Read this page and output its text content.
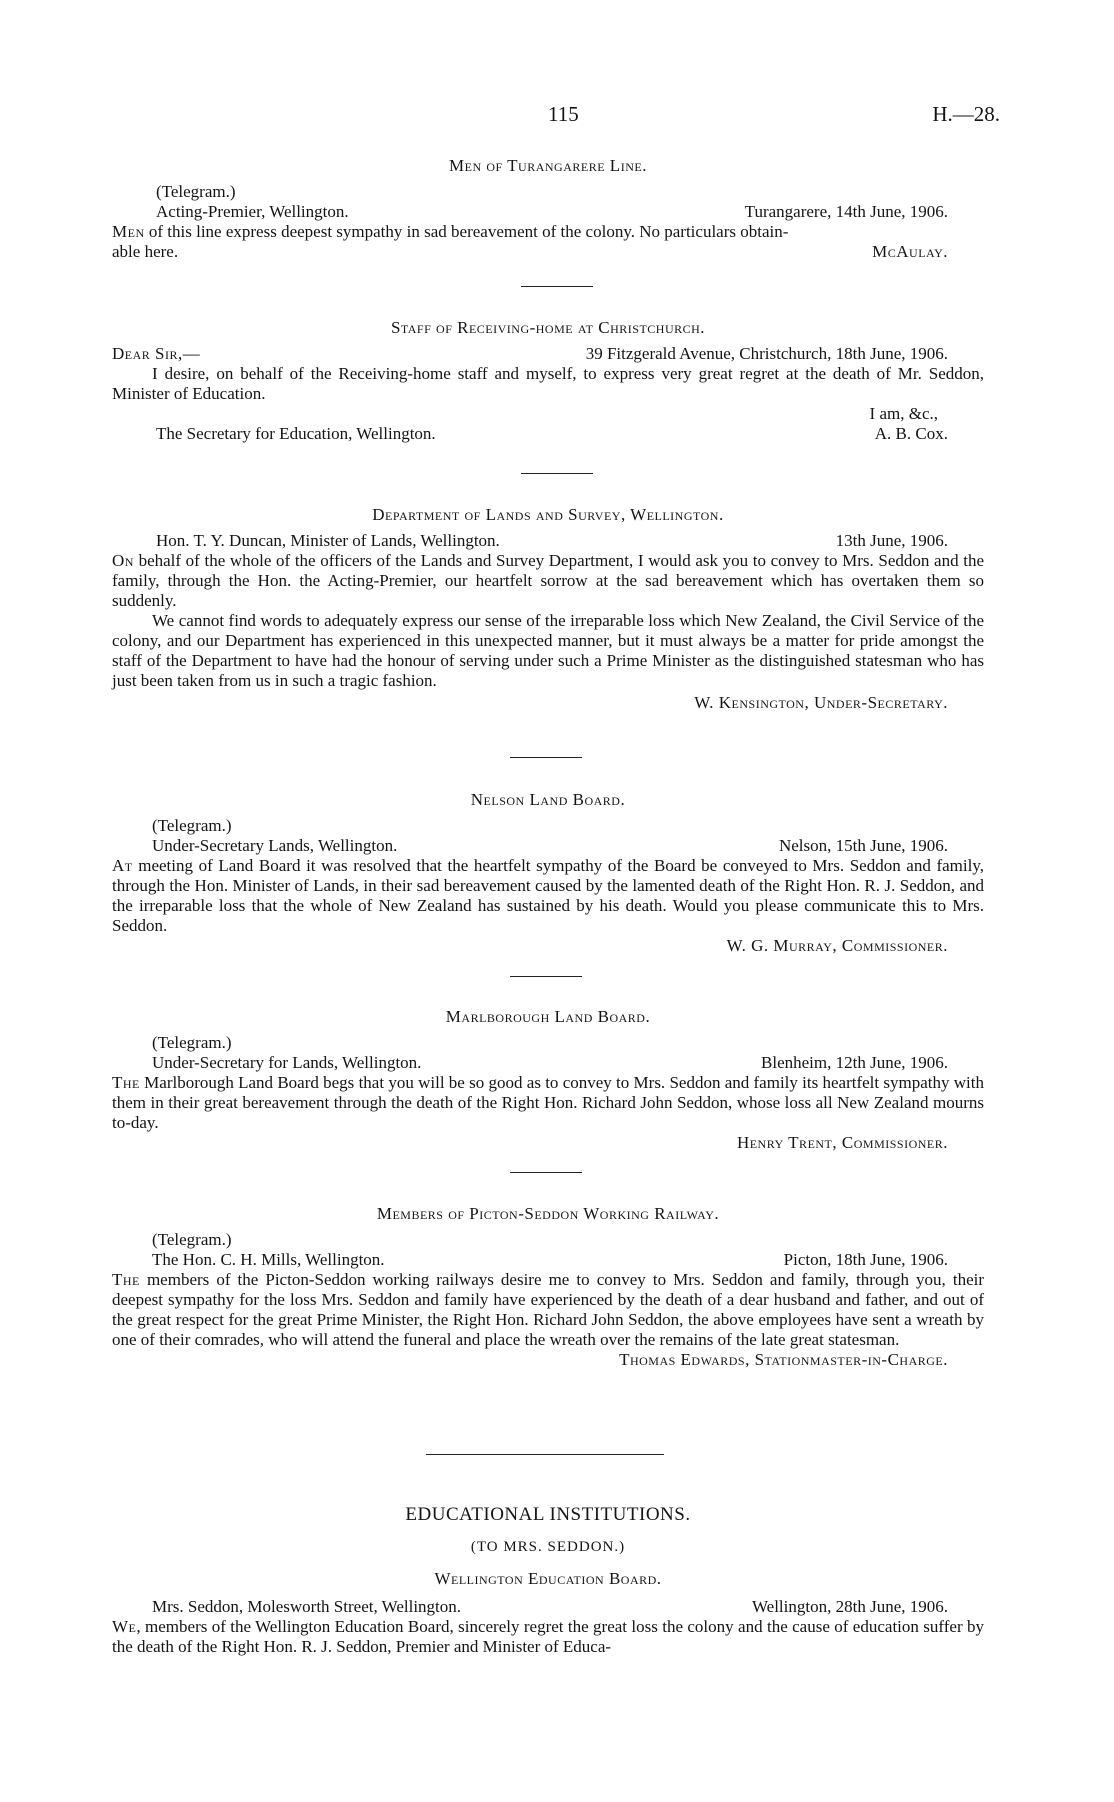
115	H.—28.

Men of Turangarere Line.

(Telegram.)

Acting-Premier, Wellington.	Turangarere, 14th June, 1906.

Men of this line express deepest sympathy in sad bereavement of the colony. No particulars obtain-

able here.	McAulay.

Staff of Receiving-home at Christchurch.

Dear Sir,—	39 Fitzgerald Avenue, Christchurch, 18th June, 1906.

I desire, on behalf of the Receiving-home staff and myself, to express very great regret at the death of Mr. Seddon, Minister of Education.

I am, &c.,

The Secretary for Education, Wellington.	A. B. Cox.

Department of Lands and Survey, Wellington.

Hon. T. Y. Duncan, Minister of Lands, Wellington.	13th June, 1906.

On behalf of the whole of the officers of the Lands and Survey Department, I would ask you to convey to Mrs. Seddon and the family, through the Hon. the Acting-Premier, our heartfelt sorrow at the sad bereavement which has overtaken them so suddenly.

We cannot find words to adequately express our sense of the irreparable loss which New Zealand, the Civil Service of the colony, and our Department has experienced in this unexpected manner, but it must always be a matter for pride amongst the staff of the Department to have had the honour of serving under such a Prime Minister as the distinguished statesman who has just been taken from us in such a tragic fashion.

W. Kensington, Under-Secretary.

Nelson Land Board.

(Telegram.)

Under-Secretary Lands, Wellington.	Nelson, 15th June, 1906.

At meeting of Land Board it was resolved that the heartfelt sympathy of the Board be conveyed to Mrs. Seddon and family, through the Hon. Minister of Lands, in their sad bereavement caused by the lamented death of the Right Hon. R. J. Seddon, and the irreparable loss that the whole of New Zealand has sustained by his death. Would you please communicate this to Mrs. Seddon.

W. G. Murray, Commissioner.

Marlborough Land Board.

(Telegram.)

Under-Secretary for Lands, Wellington.	Blenheim, 12th June, 1906.

The Marlborough Land Board begs that you will be so good as to convey to Mrs. Seddon and family its heartfelt sympathy with them in their great bereavement through the death of the Right Hon. Richard John Seddon, whose loss all New Zealand mourns to-day.

Henry Trent, Commissioner.

Members of Picton-Seddon Working Railway.

(Telegram.)

The Hon. C. H. Mills, Wellington.	Picton, 18th June, 1906.

The members of the Picton-Seddon working railways desire me to convey to Mrs. Seddon and family, through you, their deepest sympathy for the loss Mrs. Seddon and family have experienced by the death of a dear husband and father, and out of the great respect for the great Prime Minister, the Right Hon. Richard John Seddon, the above employees have sent a wreath by one of their comrades, who will attend the funeral and place the wreath over the remains of the late great statesman.

Thomas Edwards, Stationmaster-in-Charge.

EDUCATIONAL INSTITUTIONS.

(TO MRS. SEDDON.)

Wellington Education Board.

Mrs. Seddon, Molesworth Street, Wellington.	Wellington, 28th June, 1906.

We, members of the Wellington Education Board, sincerely regret the great loss the colony and the cause of education suffer by the death of the Right Hon. R. J. Seddon, Premier and Minister of Educa-
